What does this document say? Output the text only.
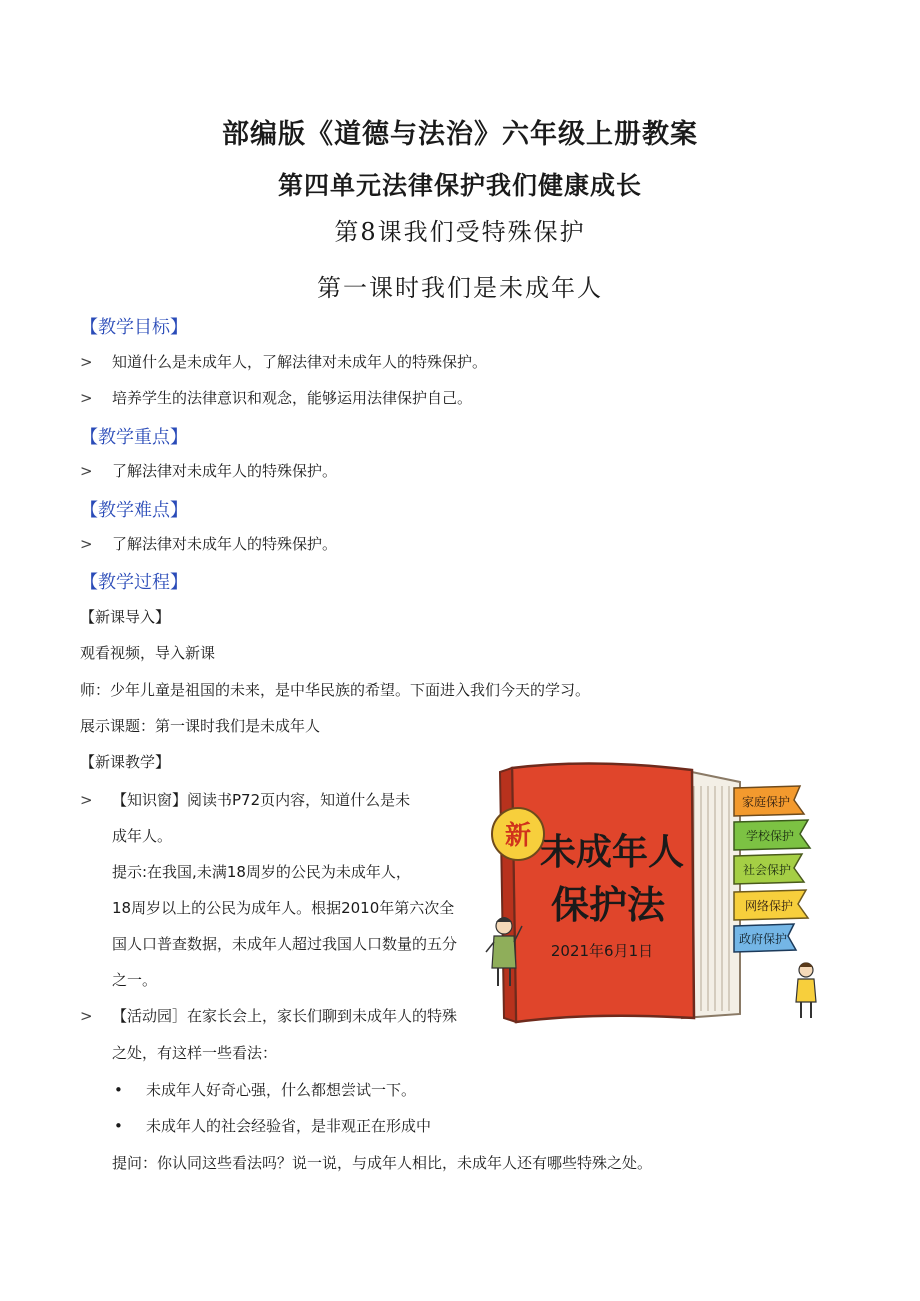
部编版《道德与法治》六年级上册教案
第四单元法律保护我们健康成长
第8课我们受特殊保护
第一课时我们是未成年人
【教学目标】
> 知道什么是未成年人，了解法律对未成年人的特殊保护。
> 培养学生的法律意识和观念，能够运用法律保护自己。
【教学重点】
> 了解法律对未成年人的特殊保护。
【教学难点】
> 了解法律对未成年人的特殊保护。
【教学过程】
【新课导入】
观看视频，导入新课
师：少年儿童是祖国的未来，是中华民族的希望。下面进入我们今天的学习。
展示课题：第一课时我们是未成年人
【新课教学】
> 【知识窗】阅读书P72页内容，知道什么是未
成年人。
提示:在我国,未满18周岁的公民为未成年人，
18周岁以上的公民为成年人。根据2010年第六次全
国人口普查数据，未成年人超过我国人口数量的五分
之一。
> 【活动园］在家长会上，家长们聊到未成年人的特殊
之处，有这样一些看法：
• 未成年人好奇心强，什么都想尝试一下。
• 未成年人的社会经验省，是非观正在形成中
提问：你认同这些看法吗？说一说，与成年人相比，未成年人还有哪些特殊之处。
家庭保护
学校保护
社会保护
网络保护
政府保护
新 未成年人
保护法
2021年6月1日
